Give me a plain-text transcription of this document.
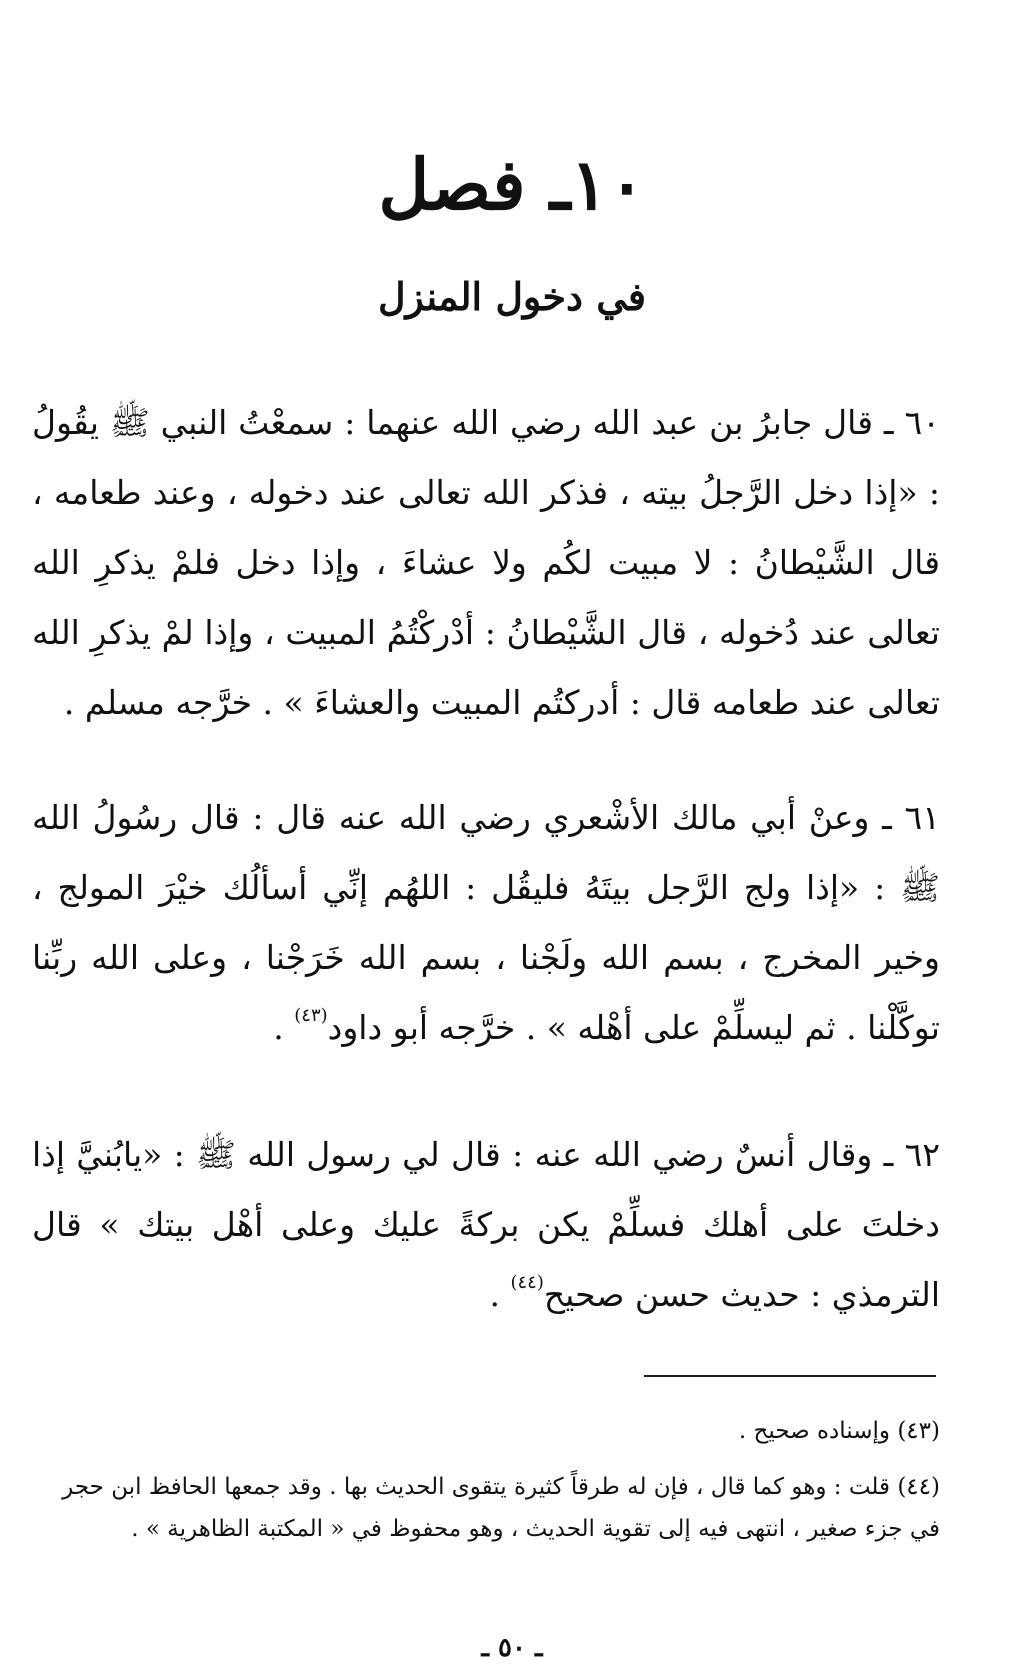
١٠ـ فصل
في دخول المنزل

٦٠ ـ قال جابرُ بن عبد الله رضي الله عنهما : سمعْتُ النبي ﷺ يقُولُ : «إذا دخل الرَّجلُ بيته ، فذكر الله تعالى عند دخوله ، وعند طعامه ، قال الشَّيْطانُ : لا مبيت لكُم ولا عشاءَ ، وإذا دخل فلمْ يذكرِ الله تعالى عند دُخوله ، قال الشَّيْطانُ : أدْركْتُمُ المبيت ، وإذا لمْ يذكرِ الله تعالى عند طعامه قال : أدركتُم المبيت والعشاءَ » . خرَّجه مسلم .

٦١ ـ وعنْ أبي مالك الأشْعري رضي الله عنه قال : قال رسُولُ الله ﷺ : «إذا ولج الرَّجل بيتَهُ فليقُل : اللهُم إنِّي أسألُك خيْرَ المولج ، وخير المخرج ، بسم الله ولَجْنا ، بسم الله خَرَجْنا ، وعلى الله ربِّنا توكَّلْنا . ثم ليسلِّمْ على أهْله » . خرَّجه أبو داود$^{(٤٣)}$ .

٦٢ ـ وقال أنسٌ رضي الله عنه : قال لي رسول الله ﷺ : «يابُنيَّ إذا دخلتَ على أهلك فسلِّمْ يكن بركةً عليك وعلى أهْل بيتك » قال الترمذي : حديث حسن صحيح$^{(٤٤)}$ .

(٤٣) وإسناده صحيح .

(٤٤) قلت : وهو كما قال ، فإن له طرقاً كثيرة يتقوى الحديث بها . وقد جمعها الحافظ ابن حجر في جزء صغير ، انتهى فيه إلى تقوية الحديث ، وهو محفوظ في « المكتبة الظاهرية » .

ـ ٥٠ ـ
